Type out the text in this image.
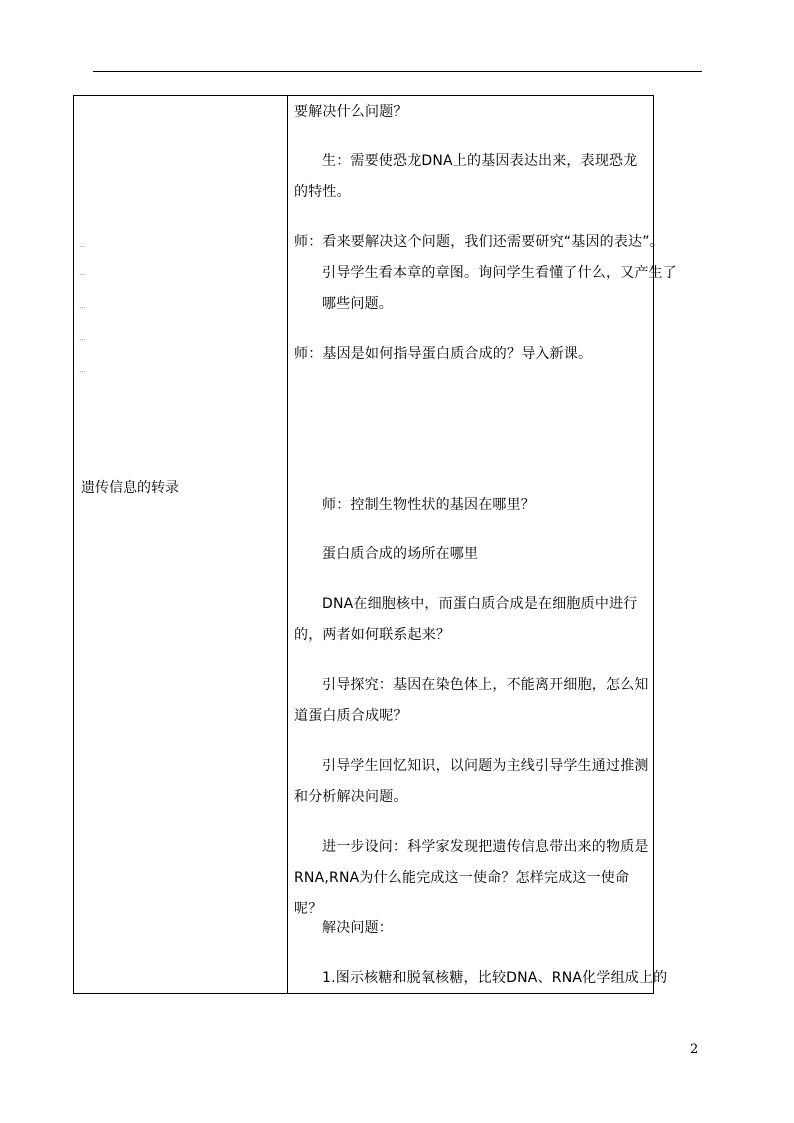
…
…
…
…
…
遗传信息的转录
要解决什么问题？
生：需要使恐龙DNA上的基因表达出来，表现恐龙的特性。
师：看来要解决这个问题，我们还需要研究“基因的表达”。引导学生看本章的章图。询问学生看懂了什么，又产生了哪些问题。
师：基因是如何指导蛋白质合成的？导入新课。
师：控制生物性状的基因在哪里？
蛋白质合成的场所在哪里
DNA在细胞核中，而蛋白质合成是在细胞质中进行的，两者如何联系起来？
引导探究：基因在染色体上，不能离开细胞，怎么知道蛋白质合成呢？
引导学生回忆知识，以问题为主线引导学生通过推测和分析解决问题。
进一步设问：科学家发现把遗传信息带出来的物质是RNA,RNA为什么能完成这一使命？怎样完成这一使命呢？
解决问题：
1.图示核糖和脱氧核糖，比较DNA、RNA化学组成上的
2
